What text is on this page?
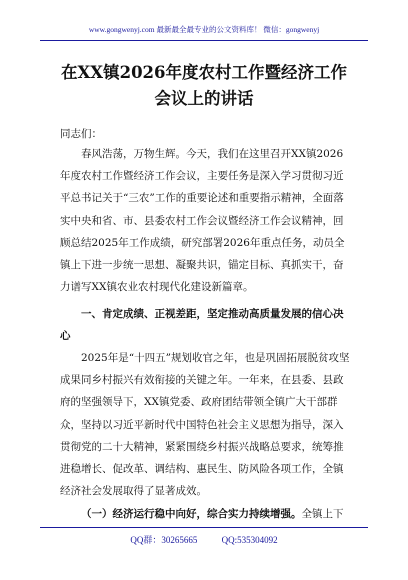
www.gongwenyj.com 最新最全最专业的公文资料库！ 微信：gongwenyj
在XX镇2026年度农村工作暨经济工作
会议上的讲话
同志们：
春风浩荡，万物生辉。今天，我们在这里召开XX镇2026
年度农村工作暨经济工作会议，主要任务是深入学习贯彻习近
平总书记关于“三农”工作的重要论述和重要指示精神，全面落
实中央和省、市、县委农村工作会议暨经济工作会议精神，回
顾总结2025年工作成绩，研究部署2026年重点任务，动员全
镇上下进一步统一思想、凝聚共识，锚定目标、真抓实干，奋
力谱写XX镇农业农村现代化建设新篇章。
一、肯定成绩、正视差距，坚定推动高质量发展的信心决
心
2025年是“十四五”规划收官之年，也是巩固拓展脱贫攻坚
成果同乡村振兴有效衔接的关键之年。一年来，在县委、县政
府的坚强领导下，XX镇党委、政府团结带领全镇广大干部群
众，坚持以习近平新时代中国特色社会主义思想为指导，深入
贯彻党的二十大精神，紧紧围绕乡村振兴战略总要求，统筹推
进稳增长、促改革、调结构、惠民生、防风险各项工作，全镇
经济社会发展取得了显著成效。
（一）经济运行稳中向好，综合实力持续增强。全镇上下
QQ群：30265665	QQ:535304092
